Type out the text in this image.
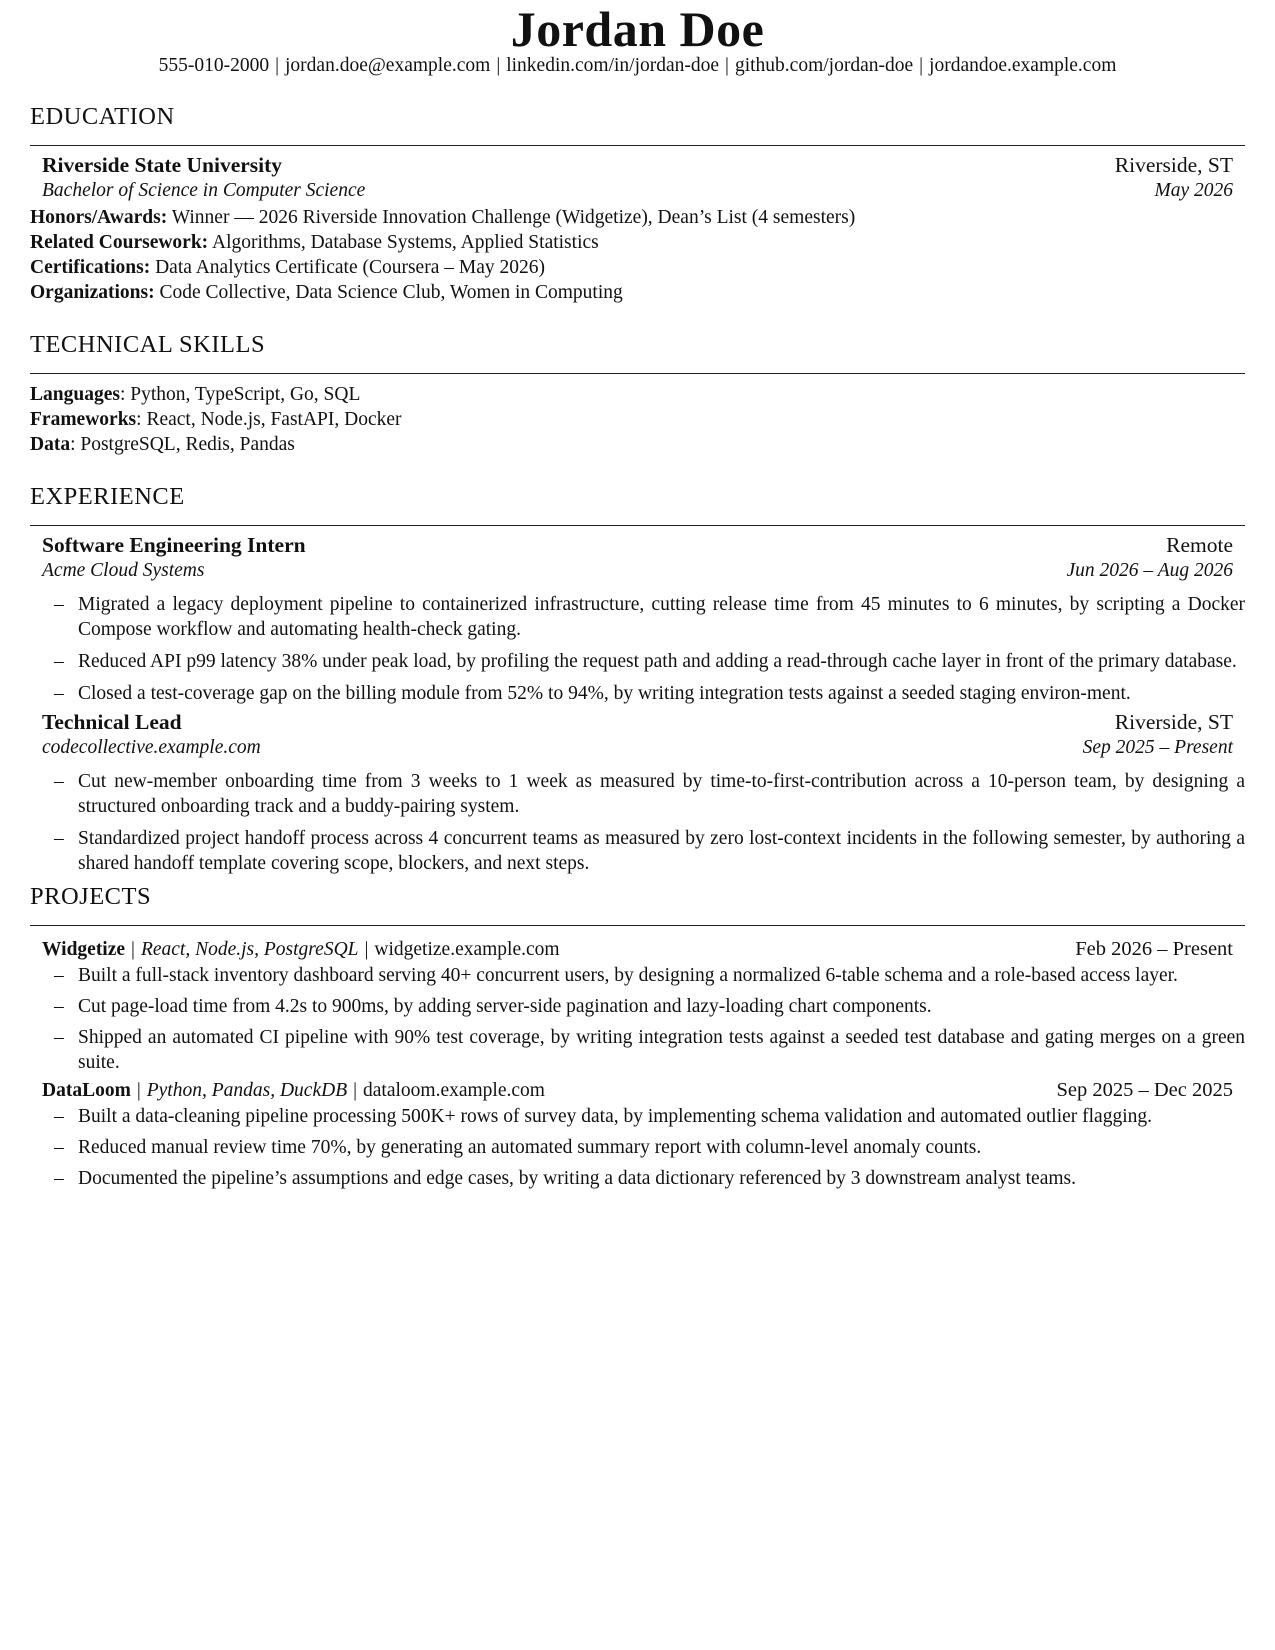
Jordan Doe
555-010-2000 | jordan.doe@example.com | linkedin.com/in/jordan-doe | github.com/jordan-doe | jordandoe.example.com
EDUCATION
Riverside State University	Riverside, ST
Bachelor of Science in Computer Science	May 2026
Honors/Awards: Winner — 2026 Riverside Innovation Challenge (Widgetize), Dean’s List (4 semesters)
Related Coursework: Algorithms, Database Systems, Applied Statistics
Certifications: Data Analytics Certificate (Coursera – May 2026)
Organizations: Code Collective, Data Science Club, Women in Computing
TECHNICAL SKILLS
Languages: Python, TypeScript, Go, SQL
Frameworks: React, Node.js, FastAPI, Docker
Data: PostgreSQL, Redis, Pandas
EXPERIENCE
Software Engineering Intern	Remote
Acme Cloud Systems	Jun 2026 – Aug 2026
– Migrated a legacy deployment pipeline to containerized infrastructure, cutting release time from 45 minutes to 6 minutes, by scripting a Docker Compose workflow and automating health-check gating.
– Reduced API p99 latency 38% under peak load, by profiling the request path and adding a read-through cache layer in front of the primary database.
– Closed a test-coverage gap on the billing module from 52% to 94%, by writing integration tests against a seeded staging environ-ment.
Technical Lead	Riverside, ST
codecollective.example.com	Sep 2025 – Present
– Cut new-member onboarding time from 3 weeks to 1 week as measured by time-to-first-contribution across a 10-person team, by designing a structured onboarding track and a buddy-pairing system.
– Standardized project handoff process across 4 concurrent teams as measured by zero lost-context incidents in the following semester, by authoring a shared handoff template covering scope, blockers, and next steps.
PROJECTS
Widgetize | React, Node.js, PostgreSQL | widgetize.example.com	Feb 2026 – Present
– Built a full-stack inventory dashboard serving 40+ concurrent users, by designing a normalized 6-table schema and a role-based access layer.
– Cut page-load time from 4.2s to 900ms, by adding server-side pagination and lazy-loading chart components.
– Shipped an automated CI pipeline with 90% test coverage, by writing integration tests against a seeded test database and gating merges on a green suite.
DataLoom | Python, Pandas, DuckDB | dataloom.example.com	Sep 2025 – Dec 2025
– Built a data-cleaning pipeline processing 500K+ rows of survey data, by implementing schema validation and automated outlier flagging.
– Reduced manual review time 70%, by generating an automated summary report with column-level anomaly counts.
– Documented the pipeline’s assumptions and edge cases, by writing a data dictionary referenced by 3 downstream analyst teams.
